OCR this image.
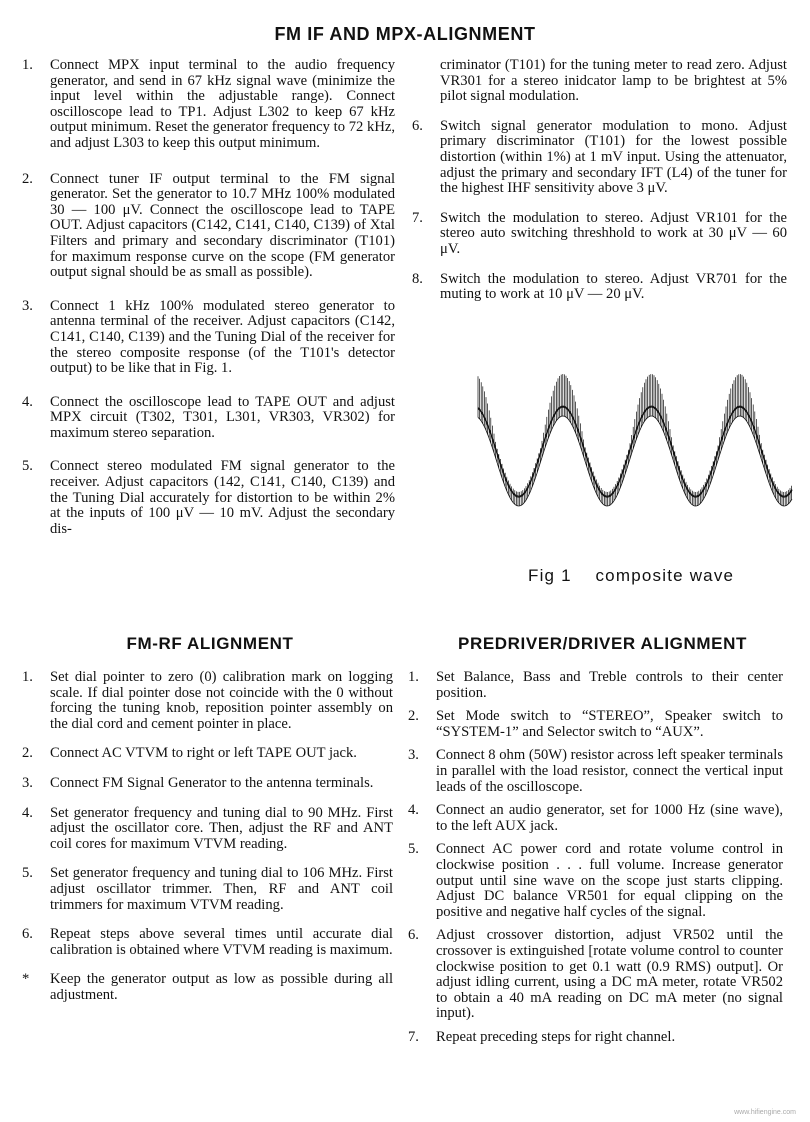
FM IF AND MPX-ALIGNMENT
1. Connect MPX input terminal to the audio frequency generator, and send in 67 kHz signal wave (minimize the input level within the adjustable range). Connect oscilloscope lead to TP1. Adjust L302 to keep 67 kHz output minimum. Reset the generator frequency to 72 kHz, and adjust L303 to keep this output minimum.
2. Connect tuner IF output terminal to the FM signal generator. Set the generator to 10.7 MHz 100% modulated 30 — 100 μV. Connect the oscilloscope lead to TAPE OUT. Adjust capacitors (C142, C141, C140, C139) of Xtal Filters and primary and secondary discriminator (T101) for maximum response curve on the scope (FM generator output signal should be as small as possible).
3. Connect 1 kHz 100% modulated stereo generator to antenna terminal of the receiver. Adjust capacitors (C142, C141, C140, C139) and the Tuning Dial of the receiver for the stereo composite response (of the T101's detector output) to be like that in Fig. 1.
4. Connect the oscilloscope lead to TAPE OUT and adjust MPX circuit (T302, T301, L301, VR303, VR302) for maximum stereo separation.
5. Connect stereo modulated FM signal generator to the receiver. Adjust capacitors (142, C141, C140, C139) and the Tuning Dial accurately for distortion to be within 2% at the inputs of 100 μV — 10 mV. Adjust the secondary dis-
criminator (T101) for the tuning meter to read zero. Adjust VR301 for a stereo inidcator lamp to be brightest at 5% pilot signal modulation.
6. Switch signal generator modulation to mono. Adjust primary discriminator (T101) for the lowest possible distortion (within 1%) at 1 mV input. Using the attenuator, adjust the primary and secondary IFT (L4) of the tuner for the highest IHF sensitivity above 3 μV.
7. Switch the modulation to stereo. Adjust VR101 for the stereo auto switching threshhold to work at 30 μV — 60 μV.
8. Switch the modulation to stereo. Adjust VR701 for the muting to work at 10 μV — 20 μV.
Fig 1    composite wave
FM-RF ALIGNMENT
1. Set dial pointer to zero (0) calibration mark on logging scale. If dial pointer dose not coincide with the 0 without forcing the tuning knob, reposition pointer assembly on the dial cord and cement pointer in place.
2. Connect AC VTVM to right or left TAPE OUT jack.
3. Connect FM Signal Generator to the antenna terminals.
4. Set generator frequency and tuning dial to 90 MHz. First adjust the oscillator core. Then, adjust the RF and ANT coil cores for maximum VTVM reading.
5. Set generator frequency and tuning dial to 106 MHz. First adjust oscillator trimmer. Then, RF and ANT coil trimmers for maximum VTVM reading.
6. Repeat steps above several times until accurate dial calibration is obtained where VTVM reading is maximum.
* Keep the generator output as low as possible during all adjustment.
PREDRIVER/DRIVER ALIGNMENT
1. Set Balance, Bass and Treble controls to their center position.
2. Set Mode switch to “STEREO”, Speaker switch to “SYSTEM-1” and Selector switch to “AUX”.
3. Connect 8 ohm (50W) resistor across left speaker terminals in parallel with the load resistor, connect the vertical input leads of the oscilloscope.
4. Connect an audio generator, set for 1000 Hz (sine wave), to the left AUX jack.
5. Connect AC power cord and rotate volume control in clockwise position . . . full volume. Increase generator output until sine wave on the scope just starts clipping. Adjust DC balance VR501 for equal clipping on the positive and negative half cycles of the signal.
6. Adjust crossover distortion, adjust VR502 until the crossover is extinguished [rotate volume control to counter clockwise position to get 0.1 watt (0.9 RMS) output]. Or adjust idling current, using a DC mA meter, rotate VR502 to obtain a 40 mA reading on DC mA meter (no signal input).
7. Repeat preceding steps for right channel.
www.hifiengine.com
